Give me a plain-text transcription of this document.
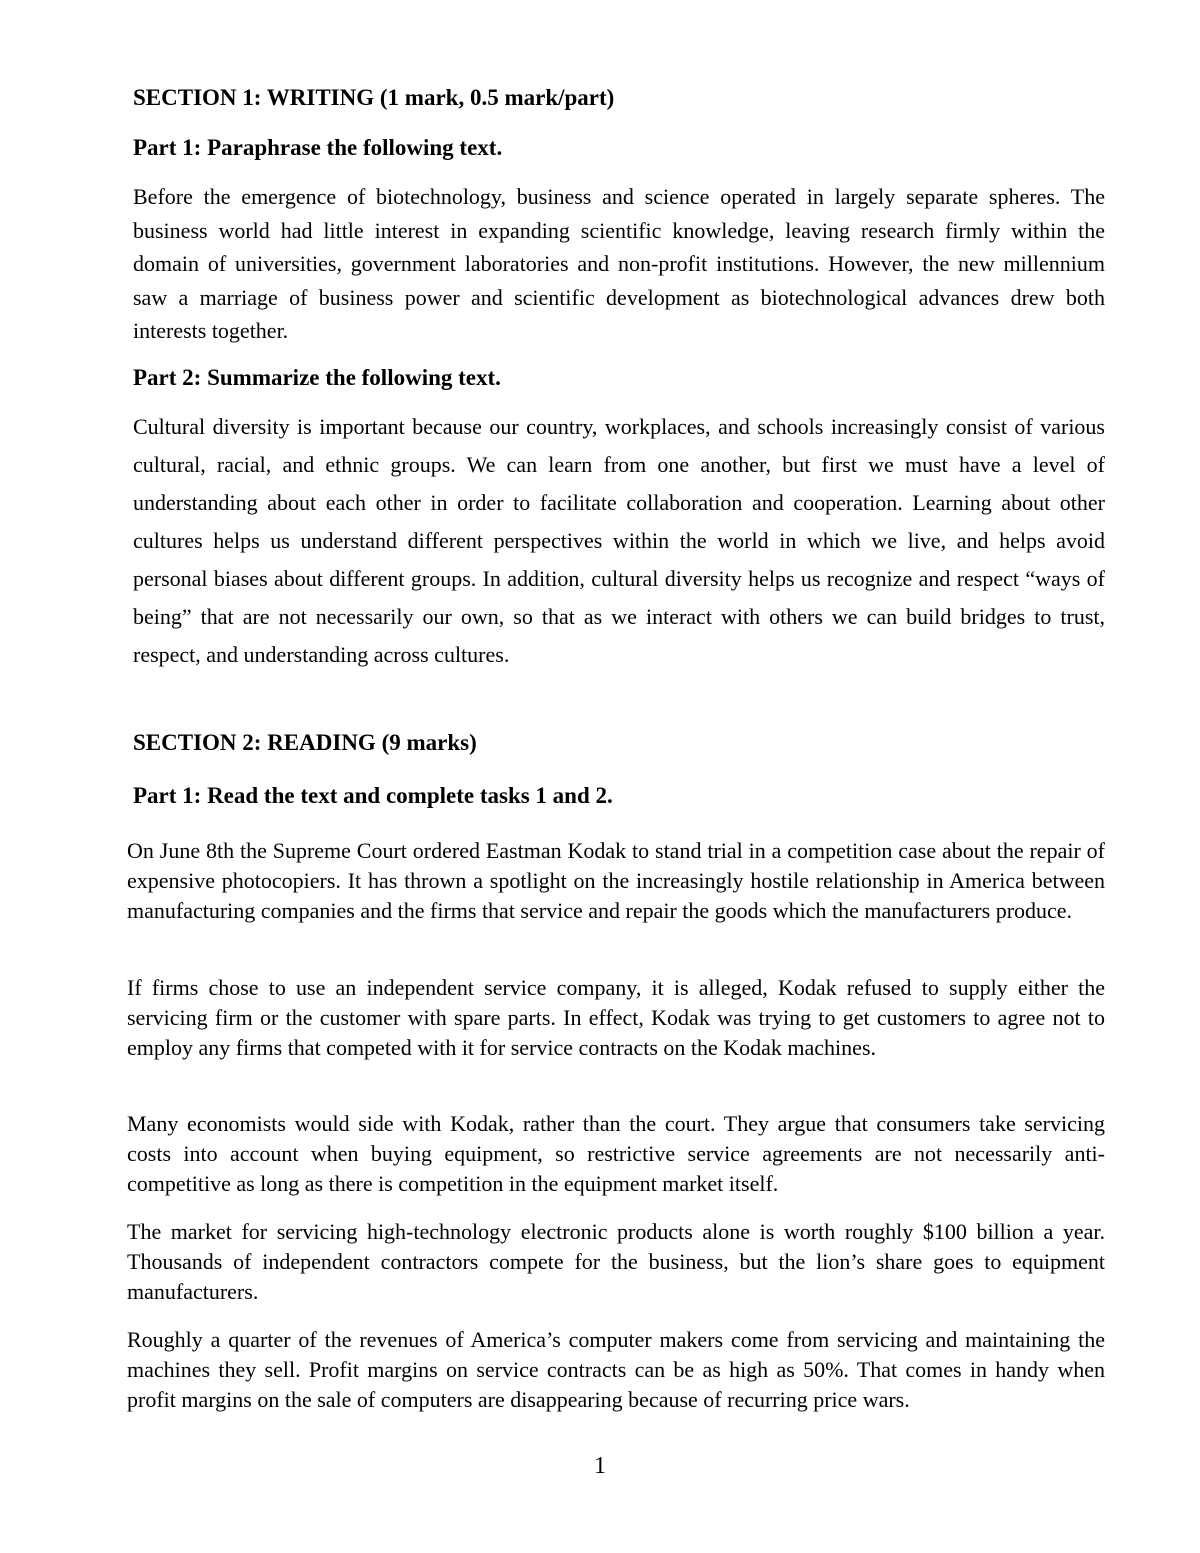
SECTION 1: WRITING (1 mark, 0.5 mark/part)
Part 1: Paraphrase the following text.

Before the emergence of biotechnology, business and science operated in largely separate spheres. The business world had little interest in expanding scientific knowledge, leaving research firmly within the domain of universities, government laboratories and non-profit institutions. However, the new millennium saw a marriage of business power and scientific development as biotechnological advances drew both interests together.

Part 2: Summarize the following text.

Cultural diversity is important because our country, workplaces, and schools increasingly consist of various cultural, racial, and ethnic groups. We can learn from one another, but first we must have a level of understanding about each other in order to facilitate collaboration and cooperation. Learning about other cultures helps us understand different perspectives within the world in which we live, and helps avoid personal biases about different groups. In addition, cultural diversity helps us recognize and respect “ways of being” that are not necessarily our own, so that as we interact with others we can build bridges to trust, respect, and understanding across cultures.

SECTION 2: READING (9 marks)
Part 1: Read the text and complete tasks 1 and 2.

On June 8th the Supreme Court ordered Eastman Kodak to stand trial in a competition case about the repair of expensive photocopiers. It has thrown a spotlight on the increasingly hostile relationship in America between manufacturing companies and the firms that service and repair the goods which the manufacturers produce.

If firms chose to use an independent service company, it is alleged, Kodak refused to supply either the servicing firm or the customer with spare parts. In effect, Kodak was trying to get customers to agree not to employ any firms that competed with it for service contracts on the Kodak machines.

Many economists would side with Kodak, rather than the court. They argue that consumers take servicing costs into account when buying equipment, so restrictive service agreements are not necessarily anti-competitive as long as there is competition in the equipment market itself.

The market for servicing high-technology electronic products alone is worth roughly $100 billion a year. Thousands of independent contractors compete for the business, but the lion’s share goes to equipment manufacturers.

Roughly a quarter of the revenues of America’s computer makers come from servicing and maintaining the machines they sell. Profit margins on service contracts can be as high as 50%. That comes in handy when profit margins on the sale of computers are disappearing because of recurring price wars.

1
